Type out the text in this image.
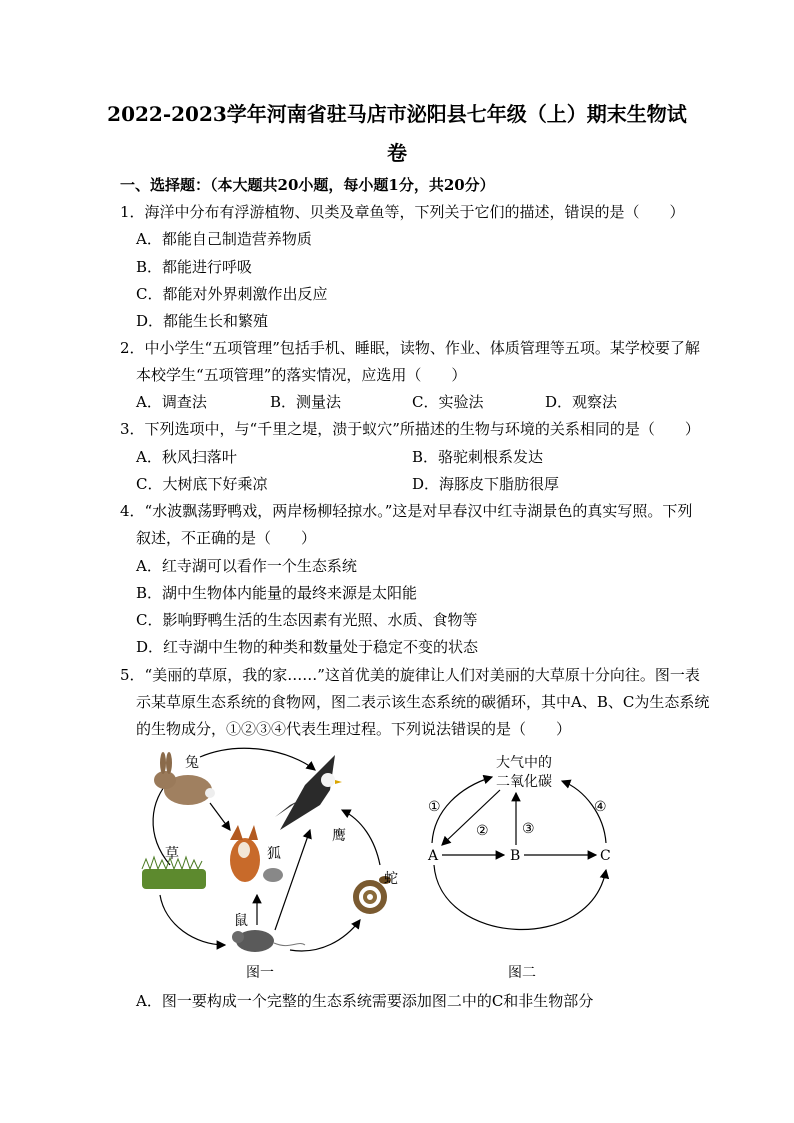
2022-2023学年河南省驻马店市泌阳县七年级（上）期末生物试
卷
一、选择题：（本大题共20小题，每小题1分，共20分）
1．海洋中分布有浮游植物、贝类及章鱼等，下列关于它们的描述，错误的是（　　）
A．都能自己制造营养物质
B．都能进行呼吸
C．都能对外界刺激作出反应
D．都能生长和繁殖
2．中小学生“五项管理”包括手机、睡眠，读物、作业、体质管理等五项。某学校要了解
本校学生“五项管理”的落实情况，应选用（　　）
A．调查法	B．测量法	C．实验法	D．观察法
3．下列选项中，与“千里之堤，溃于蚁穴”所描述的生物与环境的关系相同的是（　　）
A．秋风扫落叶	B．骆驼刺根系发达
C．大树底下好乘凉	D．海豚皮下脂肪很厚
4．“水波飘荡野鸭戏，两岸杨柳轻掠水。”这是对早春汉中红寺湖景色的真实写照。下列
叙述，不正确的是（　　）
A．红寺湖可以看作一个生态系统
B．湖中生物体内能量的最终来源是太阳能
C．影响野鸭生活的生态因素有光照、水质、食物等
D．红寺湖中生物的种类和数量处于稳定不变的状态
5．“美丽的草原，我的家……”这首优美的旋律让人们对美丽的大草原十分向往。图一表
示某草原生态系统的食物网，图二表示该生态系统的碳循环，其中A、B、C为生态系统
的生物成分，①②③④代表生理过程。下列说法错误的是（　　）
兔
鹰
草	狐
蛇
鼠
图一
大气中的
二氧化碳
A	B	C
①
② ③
④
图二
A．图一要构成一个完整的生态系统需要添加图二中的C和非生物部分
